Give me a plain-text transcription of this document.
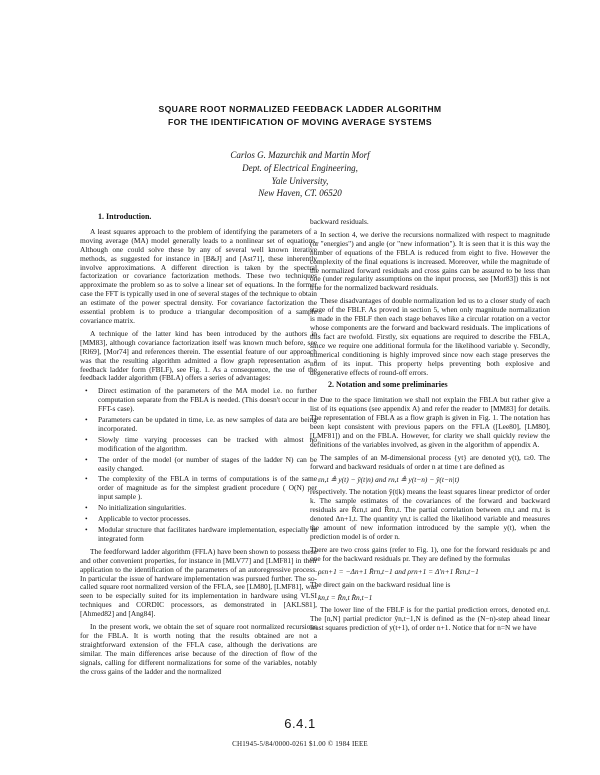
SQUARE ROOT NORMALIZED FEEDBACK LADDER ALGORITHM
FOR THE IDENTIFICATION OF MOVING AVERAGE SYSTEMS
Carlos G. Mazurchik and Martin Morf
Dept. of Electrical Engineering,
Yale University,
New Haven, CT. 06520
1. Introduction.

A least squares approach to the problem of identifying the parameters of a moving average (MA) model generally leads to a nonlinear set of equations. Although one could solve these by any of several well known iterative methods, as suggested for instance in [B&J] and [Ast71], these inherently involve approximations. A different direction is taken by the spectral factorization or covariance factorization methods. These two techniques approximate the problem so as to solve a linear set of equations. In the former case the FFT is typically used in one of several stages of the technique to obtain an estimate of the power spectral density. For covariance factorization the essential problem is to produce a triangular decomposition of a sample covariance matrix.

A technique of the latter kind has been introduced by the authors in [MM83], although covariance factorization itself was known much before, see [Rl69], [Mor74] and references therein. The essential feature of our approach was that the resulting algorithm admitted a flow graph representation as a feedback ladder form (FBLF), see Fig. 1. As a consequence, the use of the feedback ladder algorithm (FBLA) offers a series of advantages:

• Direct estimation of the parameters of the MA model i.e. no further computation separate from the FBLA is needed. (This doesn't occur in the FFT-s case).
• Parameters can be updated in time, i.e. as new samples of data are being incorporated.
• Slowly time varying processes can be tracked with almost no modification of the algorithm.
• The order of the model (or number of stages of the ladder N) can be easily changed.
• The complexity of the FBLA in terms of computations is of the same order of magnitude as for the simplest gradient procedure ( O(N) per input sample ).
• No initialization singularities.
• Applicable to vector processes.
• Modular structure that facilitates hardware implementation, especially in integrated form

The feedforward ladder algorithm (FFLA) have been shown to possess these and other convenient properties, for instance in [MLV77] and [LMF81] in their application to the identification of the parameters of an autoregressive process. In particular the issue of hardware implementation was pursued further. The so-called square root normalized version of the FFLA, see [LM80], [LMF81], was seen to be especially suited for its implementation in hardware using VLSI techniques and CORDIC processors, as demonstrated in [AKLS81], [Ahmed82] and [Ang84].

In the present work, we obtain the set of square root normalized recursions for the FBLA. It is worth noting that the results obtained are not a straightforward extension of the FFLA case, although the derivations are similar. The main differences arise because of the direction of flow of the signals, calling for different normalizations for some of the variables, notably the cross gains of the ladder and the normalized

backward residuals.

In section 4, we derive the recursions normalized with respect to magnitude (or "energies") and angle (or "new information"). It is seen that it is this way the number of equations of the FBLA is reduced from eight to five. However the complexity of the final equations is increased. Moreover, while the magnitude of the normalized forward residuals and cross gains can be assured to be less than one (under regularity assumptions on the input process, see [Mor83]) this is not true for the normalized backward residuals.

These disadvantages of double normalization led us to a closer study of each stage of the FBLF. As proved in section 5, when only magnitude normalization is made in the FBLF then each stage behaves like a circular rotation on a vector whose components are the forward and backward residuals. The implications of this fact are twofold. Firstly, six equations are required to describe the FBLA, since we require one additional formula for the likelihood variable γ. Secondly, numerical conditioning is highly improved since now each stage preserves the norm of its input. This property helps preventing both explosive and degenerative effects of round-off errors.

2. Notation and some preliminaries

Due to the space limitation we shall not explain the FBLA but rather give a list of its equations (see appendix A) and refer the reader to [MM83] for details. The representation of FBLA as a flow graph is given in Fig. 1. The notation has been kept consistent with previous papers on the FFLA ([Lee80], [LM80], [LMF81]) and on the FBLA. However, for clarity we shall quickly review the definitions of the variables involved, as given in the algorithm of appendix A.

The samples of an M-dimensional process {yt} are denoted y(t), t≥0. The forward and backward residuals of order n at time t are defined as

εn,t ≜ y(t) − ŷ(t|n) and rn,t ≜ y(t−n) − ŷ(t−n|t)

respectively. The notation ŷ(t|k) means the least squares linear predictor of order k. The sample estimates of the covariances of the forward and backward residuals are R̂εn,t and R̂rn,t. The partial correlation between εn,t and rn,t is denoted Δn+1,t. The quantity γn,t is called the likelihood variable and measures the amount of new information introduced by the sample y(t), when the prediction model is of order n.

There are two cross gains (refer to Fig. 1), one for the forward residuals pε and one for the backward residuals pr. They are defined by the formulas

ρεn+1 = −Δn+1 R̂rn,t−1 and ρrn+1 = Δ'n+1 R̂εn,t−1

The direct gain on the backward residual line is

kn,t = R̂n,t R̂n,t−1

The lower line of the FBLF is for the partial prediction errors, denoted en,t. The [n,N] partial predictor ŷn,t−1,N is defined as the (N−n)-step ahead linear least squares prediction of y(t+1), of order n+1. Notice that for n=N we have

6.4.1
CH1945-5/84/0000-0261 $1.00 © 1984 IEEE
